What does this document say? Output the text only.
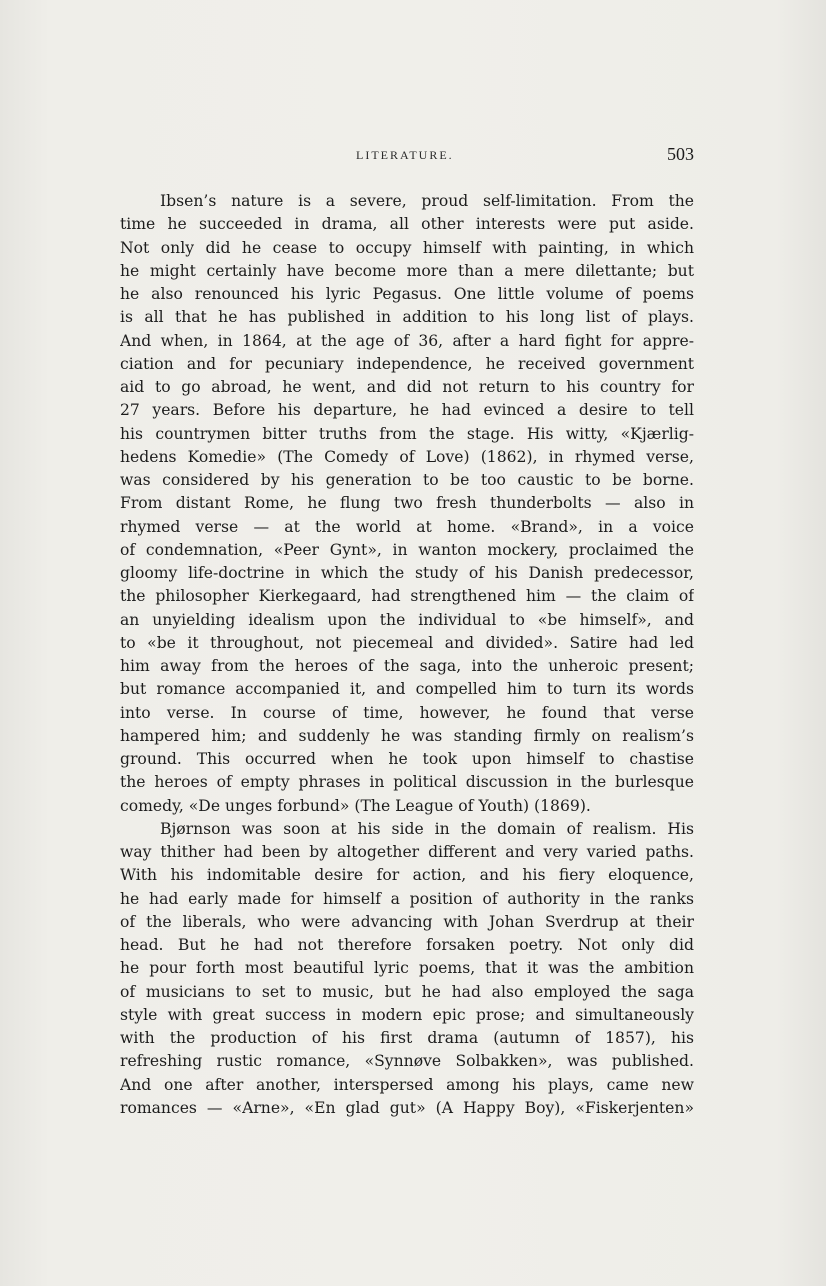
LITERATURE.	503
Ibsen’s nature is a severe, proud self-limitation. From the
time he succeeded in drama, all other interests were put aside.
Not only did he cease to occupy himself with painting, in which
he might certainly have become more than a mere dilettante; but
he also renounced his lyric Pegasus. One little volume of poems
is all that he has published in addition to his long list of plays.
And when, in 1864, at the age of 36, after a hard fight for appre-
ciation and for pecuniary independence, he received government
aid to go abroad, he went, and did not return to his country for
27 years. Before his departure, he had evinced a desire to tell
his countrymen bitter truths from the stage. His witty, «Kjærlig-
hedens Komedie» (The Comedy of Love) (1862), in rhymed verse,
was considered by his generation to be too caustic to be borne.
From distant Rome, he flung two fresh thunderbolts — also in
rhymed verse — at the world at home. «Brand», in a voice
of condemnation, «Peer Gynt», in wanton mockery, proclaimed the
gloomy life-doctrine in which the study of his Danish predecessor,
the philosopher Kierkegaard, had strengthened him — the claim of
an unyielding idealism upon the individual to «be himself», and
to «be it throughout, not piecemeal and divided». Satire had led
him away from the heroes of the saga, into the unheroic present;
but romance accompanied it, and compelled him to turn its words
into verse. In course of time, however, he found that verse
hampered him; and suddenly he was standing firmly on realism’s
ground. This occurred when he took upon himself to chastise
the heroes of empty phrases in political discussion in the burlesque
comedy, «De unges forbund» (The League of Youth) (1869).
Bjørnson was soon at his side in the domain of realism. His
way thither had been by altogether different and very varied paths.
With his indomitable desire for action, and his fiery eloquence,
he had early made for himself a position of authority in the ranks
of the liberals, who were advancing with Johan Sverdrup at their
head. But he had not therefore forsaken poetry. Not only did
he pour forth most beautiful lyric poems, that it was the ambition
of musicians to set to music, but he had also employed the saga
style with great success in modern epic prose; and simultaneously
with the production of his first drama (autumn of 1857), his
refreshing rustic romance, «Synnøve Solbakken», was published.
And one after another, interspersed among his plays, came new
romances — «Arne», «En glad gut» (A Happy Boy), «Fiskerjenten»
